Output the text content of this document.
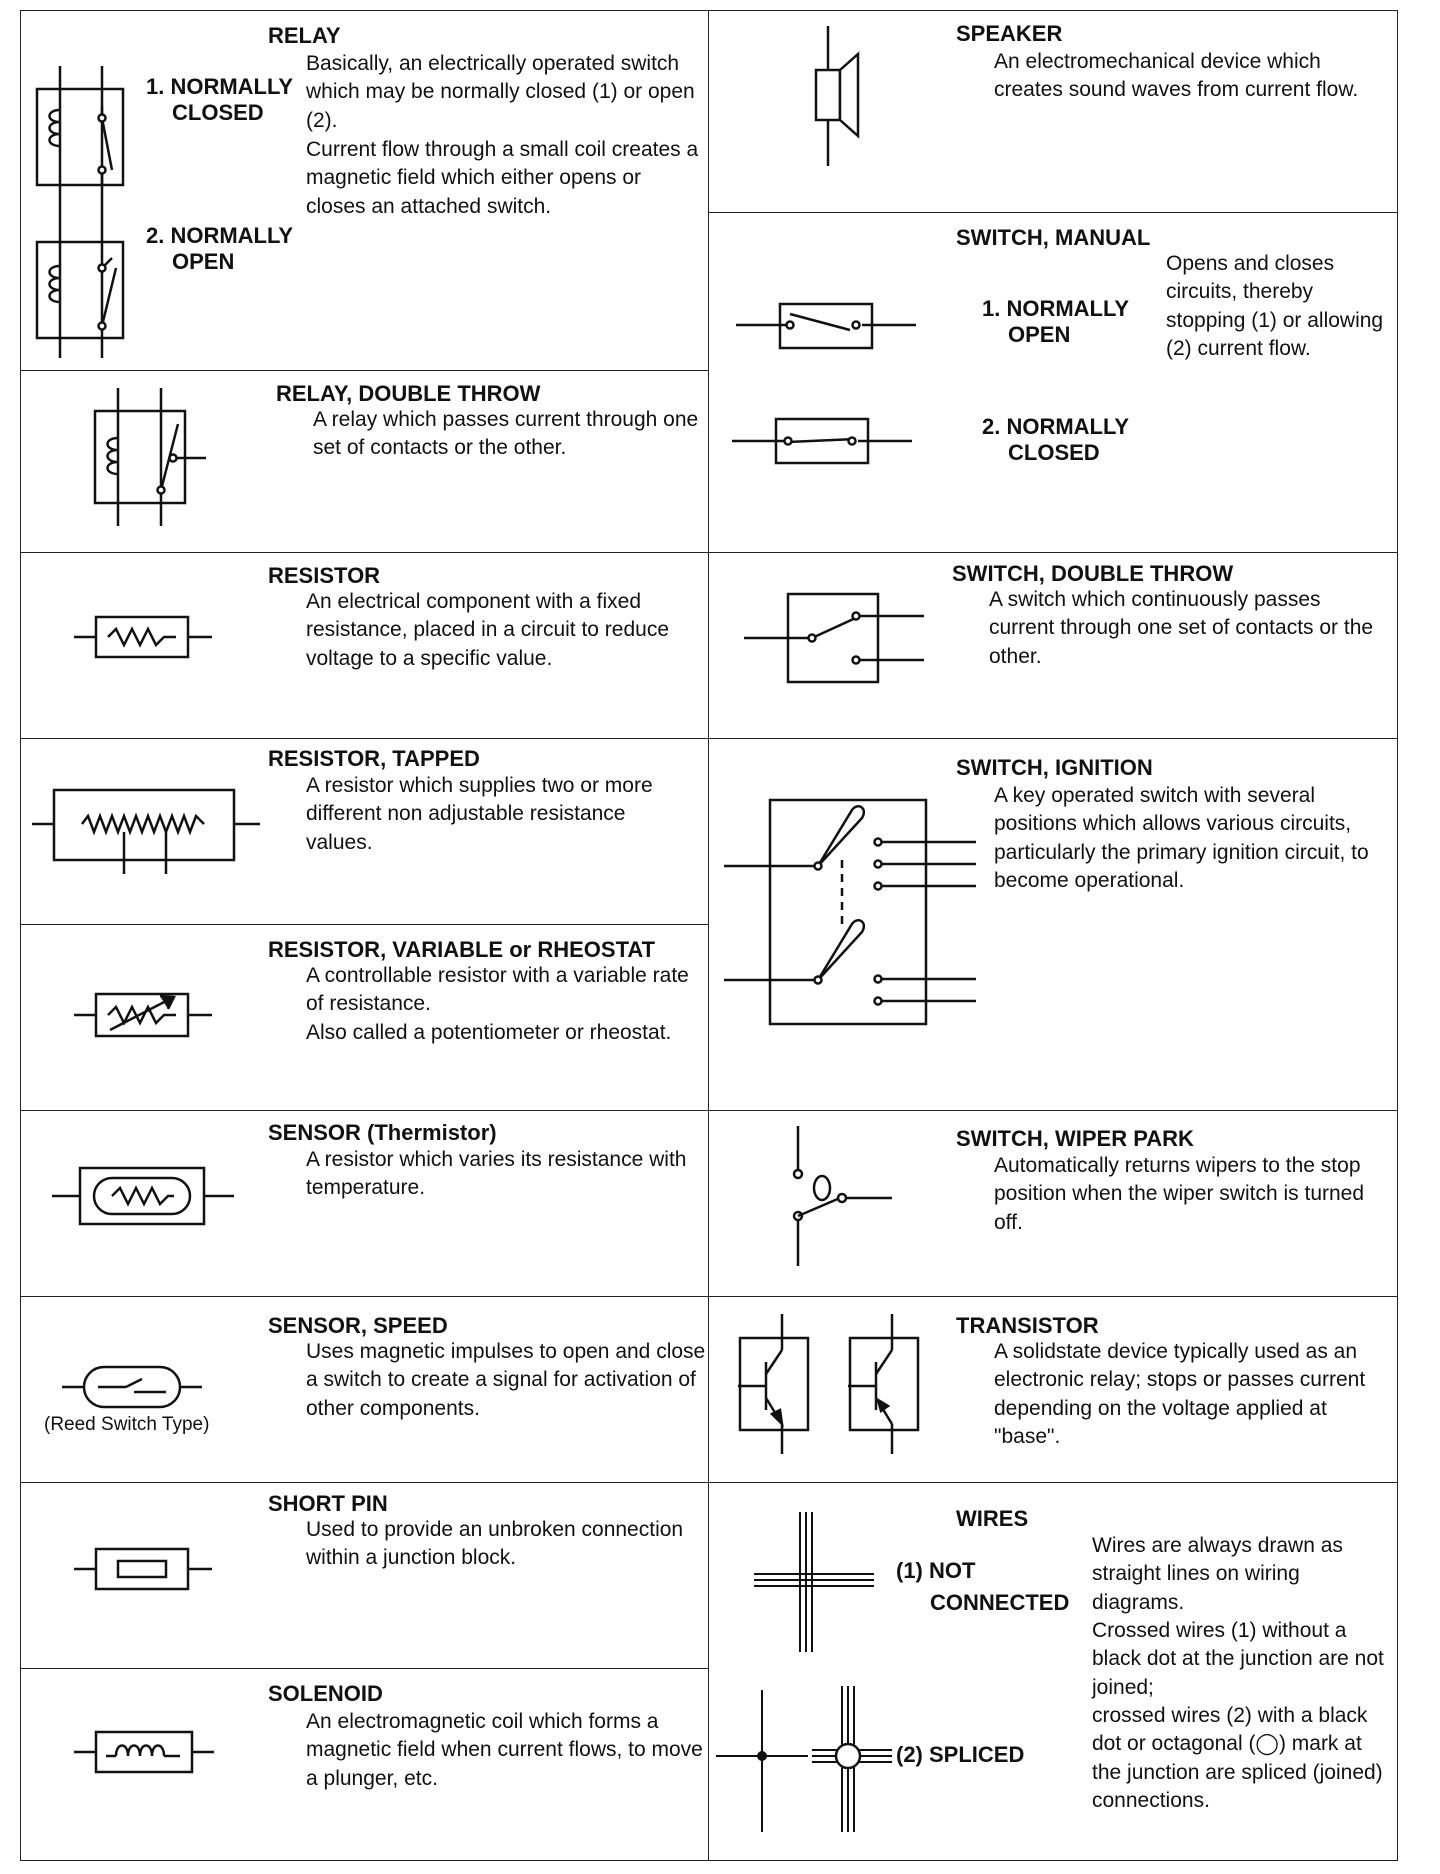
RELAY
1. NORMALLY
CLOSED
2. NORMALLY
OPEN
Basically, an electrically operated switch which may be normally closed (1) or open (2).
Current flow through a small coil creates a magnetic field which either opens or closes an attached switch.
RELAY, DOUBLE THROW
A relay which passes current through one set of contacts or the other.
RESISTOR
An electrical component with a fixed resistance, placed in a circuit to reduce voltage to a specific value.
RESISTOR, TAPPED
A resistor which supplies two or more different non adjustable resistance values.
RESISTOR, VARIABLE or RHEOSTAT
A controllable resistor with a variable rate of resistance.
Also called a potentiometer or rheostat.
SENSOR (Thermistor)
A resistor which varies its resistance with temperature.
SENSOR, SPEED
Uses magnetic impulses to open and close a switch to create a signal for activation of other components.
(Reed Switch Type)
SHORT PIN
Used to provide an unbroken connection within a junction block.
SOLENOID
An electromagnetic coil which forms a magnetic field when current flows, to move a plunger, etc.
SPEAKER
An electromechanical device which creates sound waves from current flow.
SWITCH, MANUAL
1. NORMALLY
OPEN
2. NORMALLY
CLOSED
Opens and closes circuits, thereby stopping (1) or allowing (2) current flow.
SWITCH, DOUBLE THROW
A switch which continuously passes current through one set of contacts or the other.
SWITCH, IGNITION
A key operated switch with several positions which allows various circuits, particularly the primary ignition circuit, to become operational.
SWITCH, WIPER PARK
Automatically returns wipers to the stop position when the wiper switch is turned off.
TRANSISTOR
A solidstate device typically used as an electronic relay; stops or passes current depending on the voltage applied at "base".
WIRES
(1) NOT
CONNECTED
(2) SPLICED
Wires are always drawn as straight lines on wiring diagrams.
Crossed wires (1) without a black dot at the junction are not joined;
crossed wires (2) with a black dot or octagonal (◯) mark at the junction are spliced (joined) connections.
